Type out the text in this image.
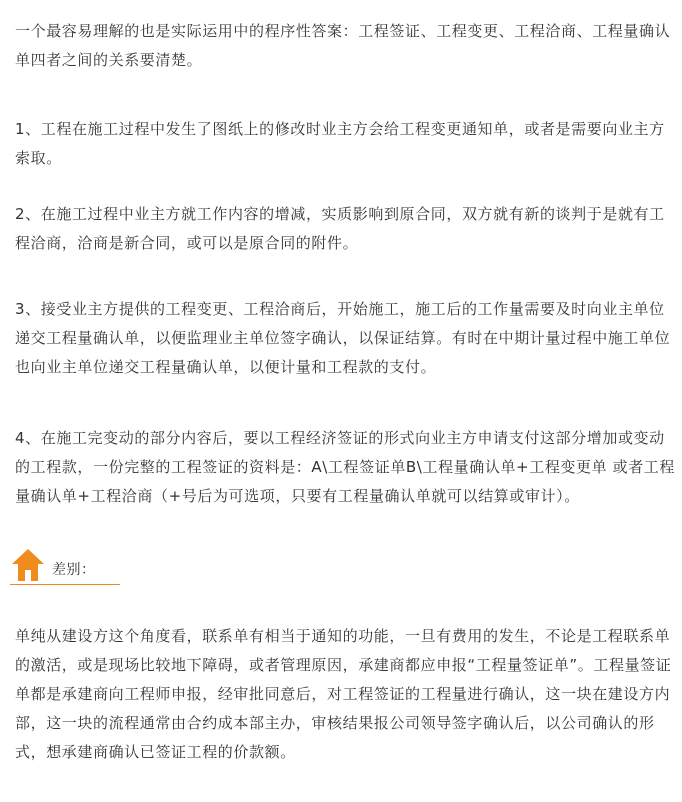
一个最容易理解的也是实际运用中的程序性答案：工程签证、工程变更、工程洽商、工程量确认单四者之间的关系要清楚。

1、工程在施工过程中发生了图纸上的修改时业主方会给工程变更通知单，或者是需要向业主方索取。

2、在施工过程中业主方就工作内容的增减，实质影响到原合同，双方就有新的谈判于是就有工程洽商，洽商是新合同，或可以是原合同的附件。

3、接受业主方提供的工程变更、工程洽商后，开始施工，施工后的工作量需要及时向业主单位递交工程量确认单，以便监理业主单位签字确认，以保证结算。有时在中期计量过程中施工单位也向业主单位递交工程量确认单，以便计量和工程款的支付。

4、在施工完变动的部分内容后，要以工程经济签证的形式向业主方申请支付这部分增加或变动的工程款，一份完整的工程签证的资料是：A\工程签证单B\工程量确认单+工程变更单 或者工程量确认单+工程洽商（+号后为可选项，只要有工程量确认单就可以结算或审计）。

单纯从建设方这个角度看，联系单有相当于通知的功能，一旦有费用的发生，不论是工程联系单的激活，或是现场比较地下障碍，或者管理原因，承建商都应申报“工程量签证单”。工程量签证单都是承建商向工程师申报，经审批同意后，对工程签证的工程量进行确认，这一块在建设方内部，这一块的流程通常由合约成本部主办，审核结果报公司领导签字确认后，以公司确认的形式，想承建商确认已签证工程的价款额。

差别：
